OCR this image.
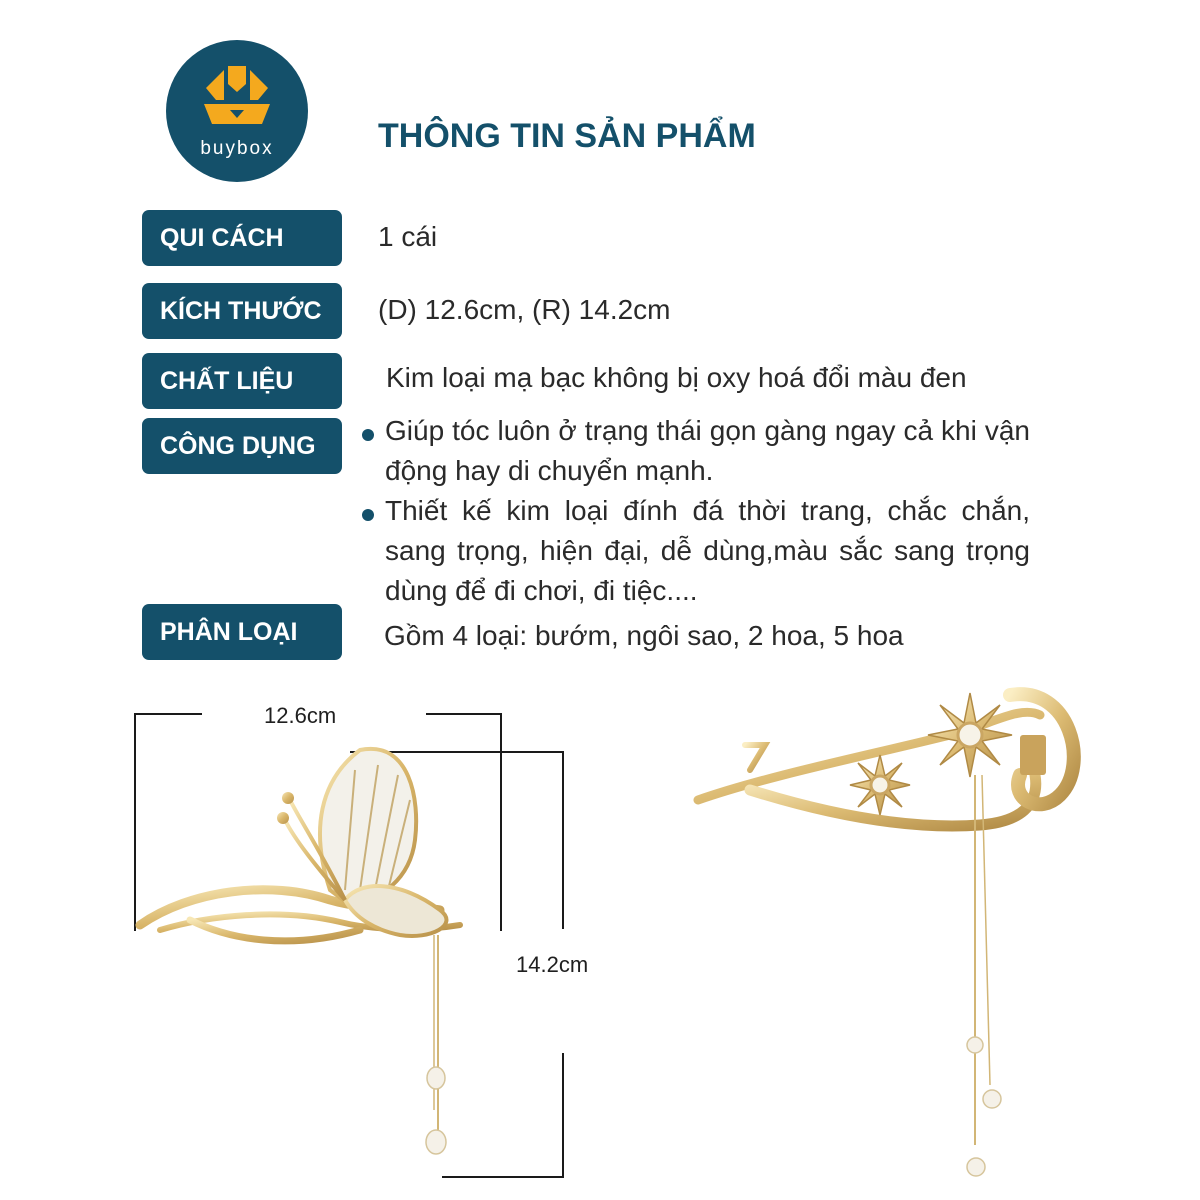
buybox	THÔNG TIN SẢN PHẨM
QUI CÁCH	1 cái
KÍCH THƯỚC	(D) 12.6cm, (R) 14.2cm
CHẤT LIỆU	Kim loại mạ bạc không bị oxy hoá đổi màu đen
CÔNG DỤNG	Giúp tóc luôn ở trạng thái gọn gàng ngay cả khi vận động hay di chuyển mạnh.
Thiết kế kim loại đính đá thời trang, chắc chắn, sang trọng, hiện đại, dễ dùng,màu sắc sang trọng dùng để đi chơi, đi tiệc....
PHÂN LOẠI	Gồm 4 loại: bướm, ngôi sao, 2 hoa, 5 hoa
12.6cm
14.2cm
